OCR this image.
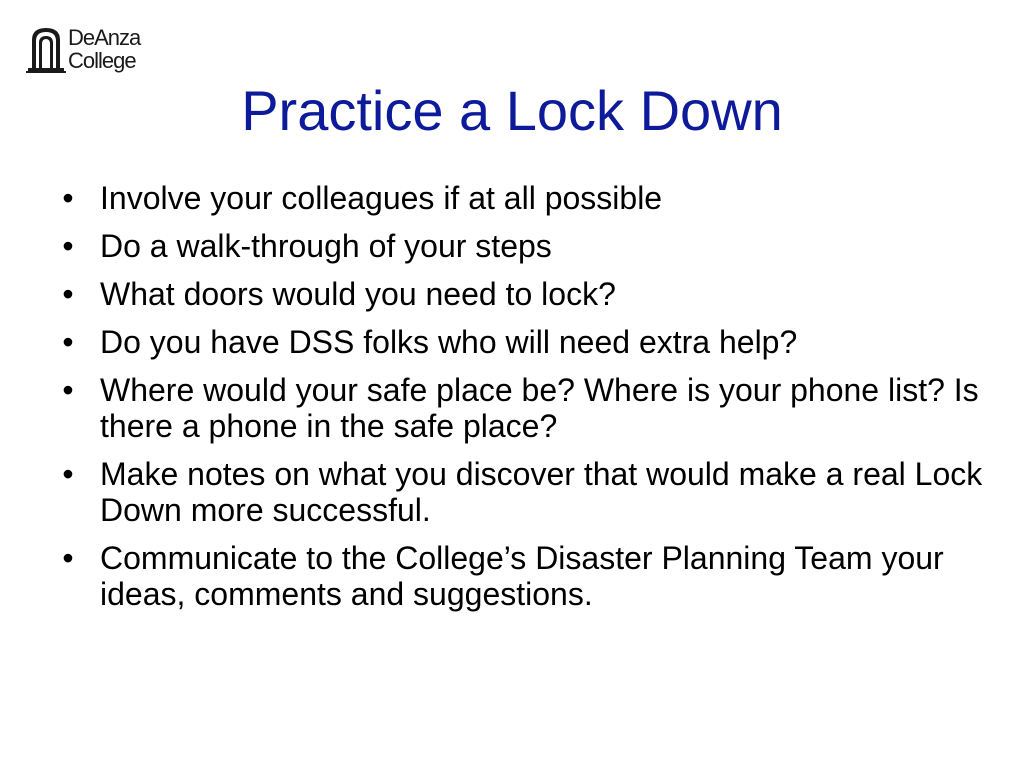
DeAnza
College
Practice a Lock Down
• Involve your colleagues if at all possible
• Do a walk-through of your steps
• What doors would you need to lock?
• Do you have DSS folks who will need extra help?
• Where would your safe place be? Where is your phone list? Is there a phone in the safe place?
• Make notes on what you discover that would make a real Lock Down more successful.
• Communicate to the College’s Disaster Planning Team your ideas, comments and suggestions.
